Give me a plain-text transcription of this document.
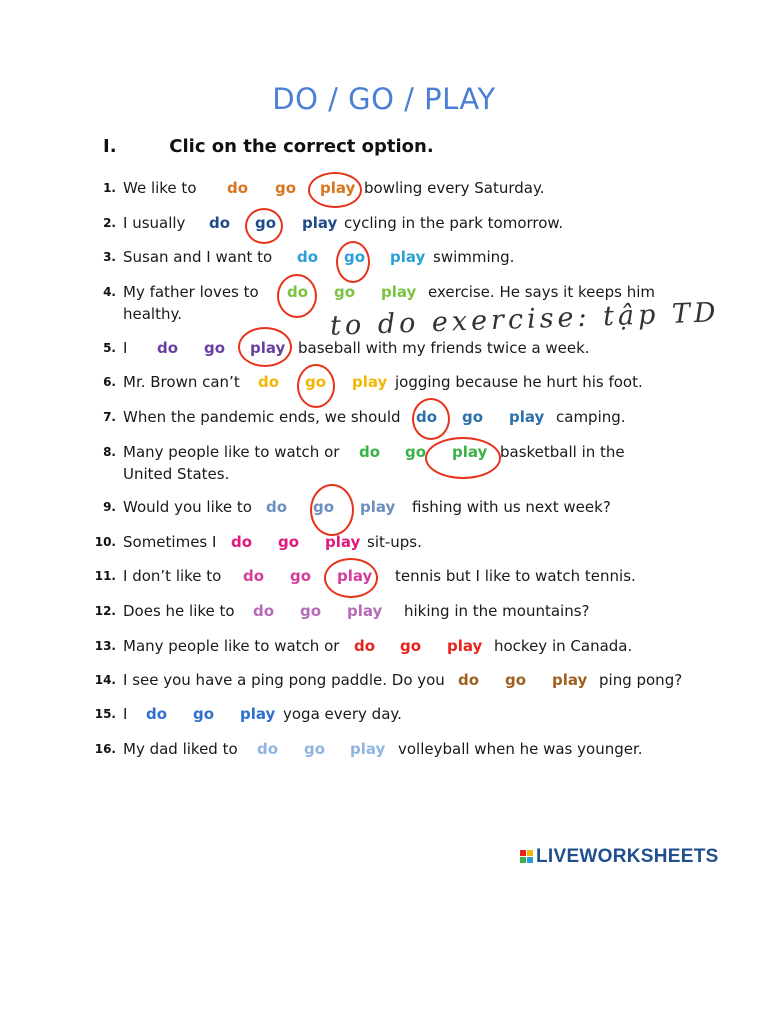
DO / GO / PLAY
I.	Clic on the correct option.
1. We like to do go play bowling every Saturday.
2. I usually do go play cycling in the park tomorrow.
3. Susan and I want to do go play swimming.
4. My father loves to do go play exercise. He says it keeps him
healthy.
5. I do go play baseball with my friends twice a week.
6. Mr. Brown can’t do go play jogging because he hurt his foot.
7. When the pandemic ends, we should do go play camping.
8. Many people like to watch or do go play basketball in the
United States.
9. Would you like to do go play fishing with us next week?
10. Sometimes I do go play sit-ups.
11. I don’t like to do go play tennis but I like to watch tennis.
12. Does he like to do go play hiking in the mountains?
13. Many people like to watch or do go play hockey in Canada.
14. I see you have a ping pong paddle. Do you do go play ping pong?
15. I do go play yoga every day.
16. My dad liked to do go play volleyball when he was younger.
to do exercise: tập TD
LIVEWORKSHEETS
